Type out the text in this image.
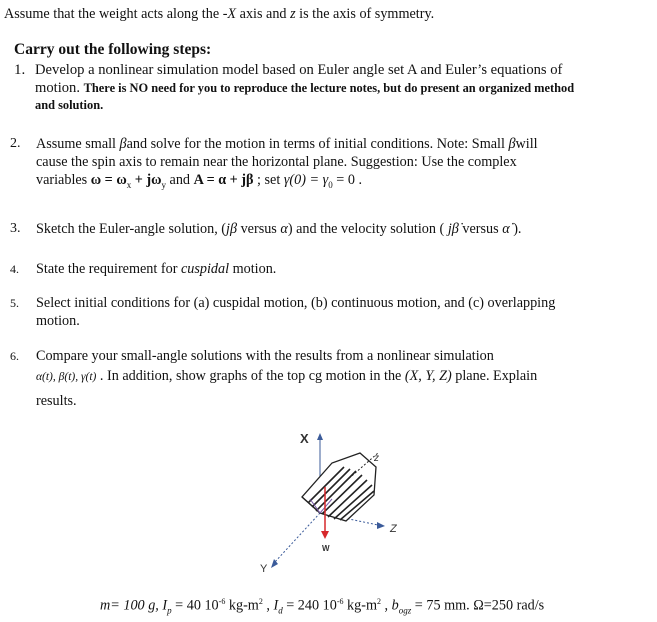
Assume that the weight acts along the -X axis and z is the axis of symmetry.
Carry out the following steps:
1. Develop a nonlinear simulation model based on Euler angle set A and Euler’s equations of
motion. There is NO need for you to reproduce the lecture notes, but do present an organized method
and solution.
2. Assume small βand solve for the motion in terms of initial conditions. Note: Small βwill
cause the spin axis to remain near the horizontal plane. Suggestion: Use the complex
variables $\omega = \omega_x + j\omega_y$ and A = α + jβ ; set $\gamma(0) = \gamma_0 = 0$ .
3. Sketch the Euler-angle solution, (jβ versus α) and the velocity solution ( jβ̇ versus α̇ ).
4. State the requirement for cuspidal motion.
5. Select initial conditions for (a) cuspidal motion, (b) continuous motion, and (c) overlapping
motion.
6. Compare your small-angle solutions with the results from a nonlinear simulation
α(t), β(t), γ(t) . In addition, show graphs of the top cg motion in the (X, Y, Z) plane. Explain
results.
X
Z
Y
z
W
m= 100 g, $I_p = 40$ $10^{-6}$ $kg-m^2$ , $I_d = 240$ $10^{-6}$ $kg-m^2$ , $b_{ogz} = 75$ mm. Ω=250 rad/s
